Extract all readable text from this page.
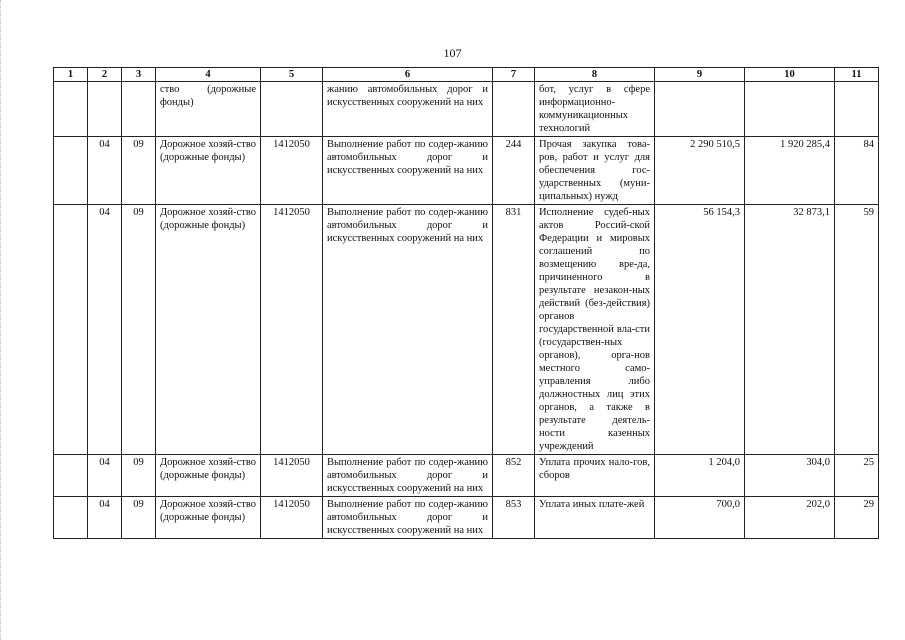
107
1	2	3	4	5	6	7	8	9	10	11
			ство (дорожные фонды)		жанию автомобильных дорог и искусственных сооружений на них		бот, услуг в сфере информационно-коммуникационных технологий			
	04	09	Дорожное хозяй-ство (дорожные фонды)	1412050	Выполнение работ по содер-жанию автомобильных дорог и искусственных сооружений на них	244	Прочая закупка това-ров, работ и услуг для обеспечения гос-ударственных (муни-ципальных) нужд	2 290 510,5	1 920 285,4	84
	04	09	Дорожное хозяй-ство (дорожные фонды)	1412050	Выполнение работ по содер-жанию автомобильных дорог и искусственных сооружений на них	831	Исполнение судеб-ных актов Россий-ской Федерации и мировых соглашений по возмещению вре-да, причиненного в результате незакон-ных действий (без-действия) органов государственной вла-сти (государствен-ных органов), орга-нов местного само-управления либо должностных лиц этих органов, а также в результате деятель-ности казенных учреждений	56 154,3	32 873,1	59
	04	09	Дорожное хозяй-ство (дорожные фонды)	1412050	Выполнение работ по содер-жанию автомобильных дорог и искусственных сооружений на них	852	Уплата прочих нало-гов, сборов	1 204,0	304,0	25
	04	09	Дорожное хозяй-ство (дорожные фонды)	1412050	Выполнение работ по содер-жанию автомобильных дорог и искусственных сооружений на них	853	Уплата иных плате-жей	700,0	202,0	29
